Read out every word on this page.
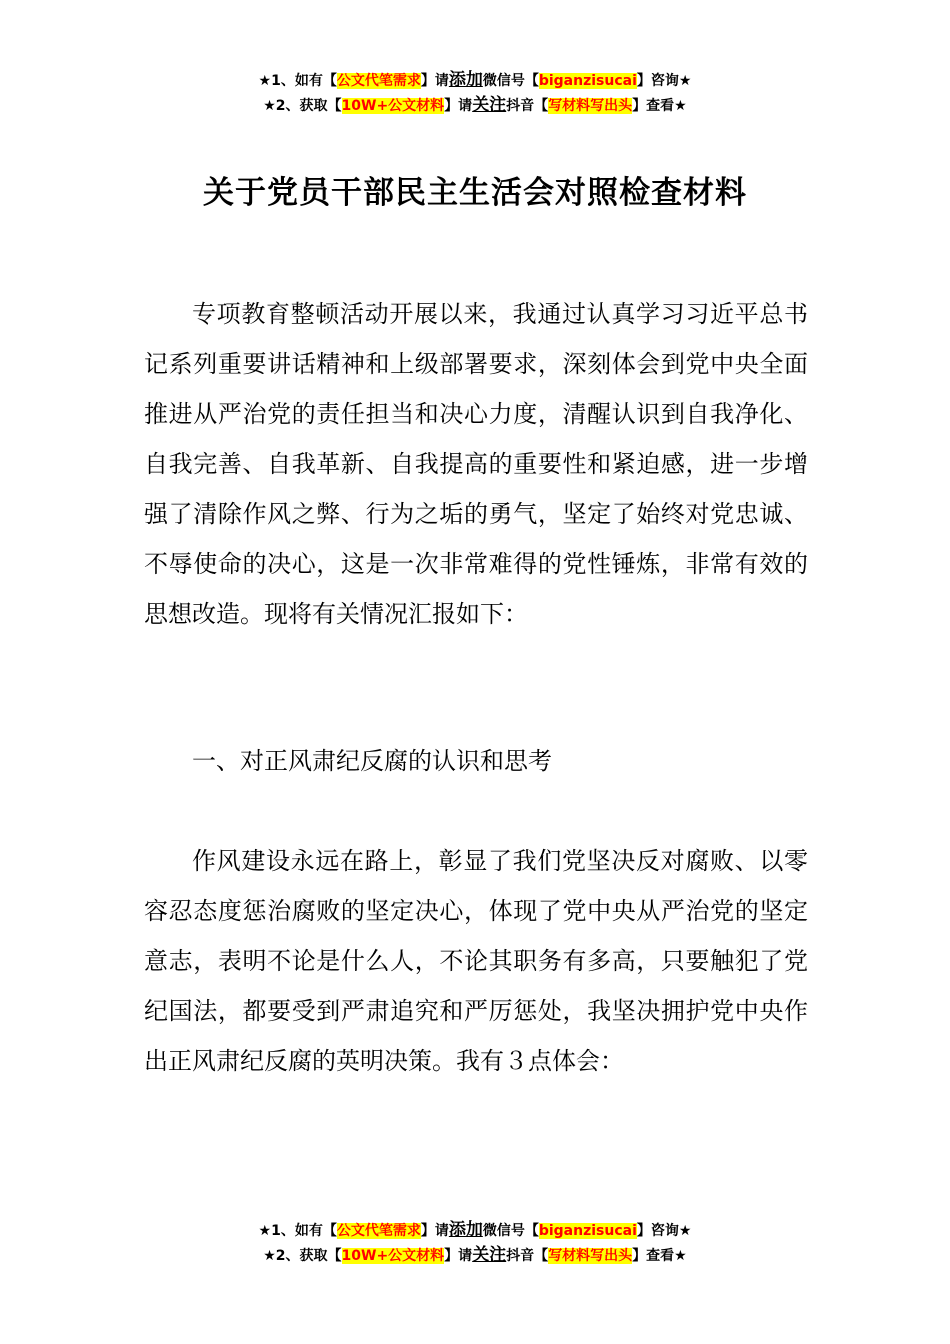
★1、如有【公文代笔需求】请添加微信号【biganzisucai】咨询★
★2、获取【10W+公文材料】请关注抖音【写材料写出头】查看★
关于党员干部民主生活会对照检查材料

专项教育整顿活动开展以来，我通过认真学习习近平总书记系列重要讲话精神和上级部署要求，深刻体会到党中央全面推进从严治党的责任担当和决心力度，清醒认识到自我净化、自我完善、自我革新、自我提高的重要性和紧迫感，进一步增强了清除作风之弊、行为之垢的勇气，坚定了始终对党忠诚、不辱使命的决心，这是一次非常难得的党性锤炼，非常有效的思想改造。现将有关情况汇报如下：

一、对正风肃纪反腐的认识和思考

作风建设永远在路上，彰显了我们党坚决反对腐败、以零容忍态度惩治腐败的坚定决心，体现了党中央从严治党的坚定意志，表明不论是什么人，不论其职务有多高，只要触犯了党纪国法，都要受到严肃追究和严厉惩处，我坚决拥护党中央作出正风肃纪反腐的英明决策。我有３点体会：

★1、如有【公文代笔需求】请添加微信号【biganzisucai】咨询★
★2、获取【10W+公文材料】请关注抖音【写材料写出头】查看★
